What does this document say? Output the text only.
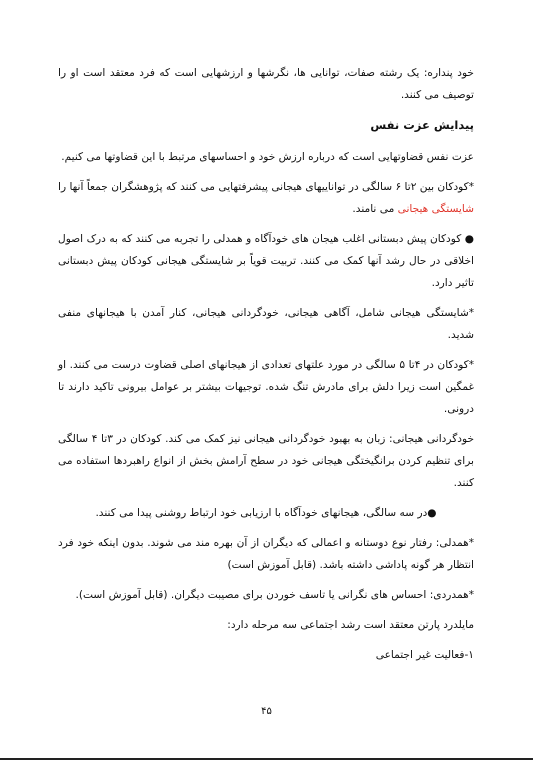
خود پنداره: یک رشته صفات، توانایی ها، نگرشها و ارزشهایی است که فرد معتقد است او را توصیف می کنند.

پیدایش عزت نفس

عزت نفس قضاوتهایی است که درباره ارزش خود و احساسهای مرتبط با این قضاوتها می کنیم.

*کودکان بین ۲تا ۶ سالگی در تواناییهای هیجانی پیشرفتهایی می کنند که پژوهشگران جمعاً آنها را شایستگی هیجانی می نامند.

● کودکان پیش دبستانی اغلب هیجان های خودآگاه و همدلی را تجربه می کنند که به درک اصول اخلاقی در حال رشد آنها کمک می کنند. تربیت قویاً بر شایستگی هیجانی کودکان پیش دبستانی تاثیر دارد.

*شایستگی هیجانی شامل، آگاهی هیجانی، خودگردانی هیجانی، کنار آمدن با هیجانهای منفی شدید.

*کودکان در ۴تا ۵ سالگی در مورد علتهای تعدادی از هیجانهای اصلی قضاوت درست می کنند. او غمگین است زیرا دلش برای مادرش تنگ شده. توجیهات بیشتر بر عوامل بیرونی تاکید دارند تا درونی.

خودگردانی هیجانی: زبان به بهبود خودگردانی هیجانی نیز کمک می کند. کودکان در ۳تا ۴ سالگی برای تنظیم کردن برانگیختگی هیجانی خود در سطح آرامش بخش از انواع راهبردها استفاده می کنند.

●در سه سالگی، هیجانهای خودآگاه با ارزیابی خود ارتباط روشنی پیدا می کنند.

*همدلی: رفتار نوع دوستانه و اعمالی که دیگران از آن بهره مند می شوند. بدون اینکه خود فرد انتظار هر گونه پاداشی داشته باشد. (قابل آموزش است)

*همدردی: احساس های نگرانی یا تاسف خوردن برای مصیبت دیگران. (قابل آموزش است).

مایلدرد پارتن معتقد است رشد اجتماعی سه مرحله دارد:

۱-فعالیت غیر اجتماعی

۴۵
